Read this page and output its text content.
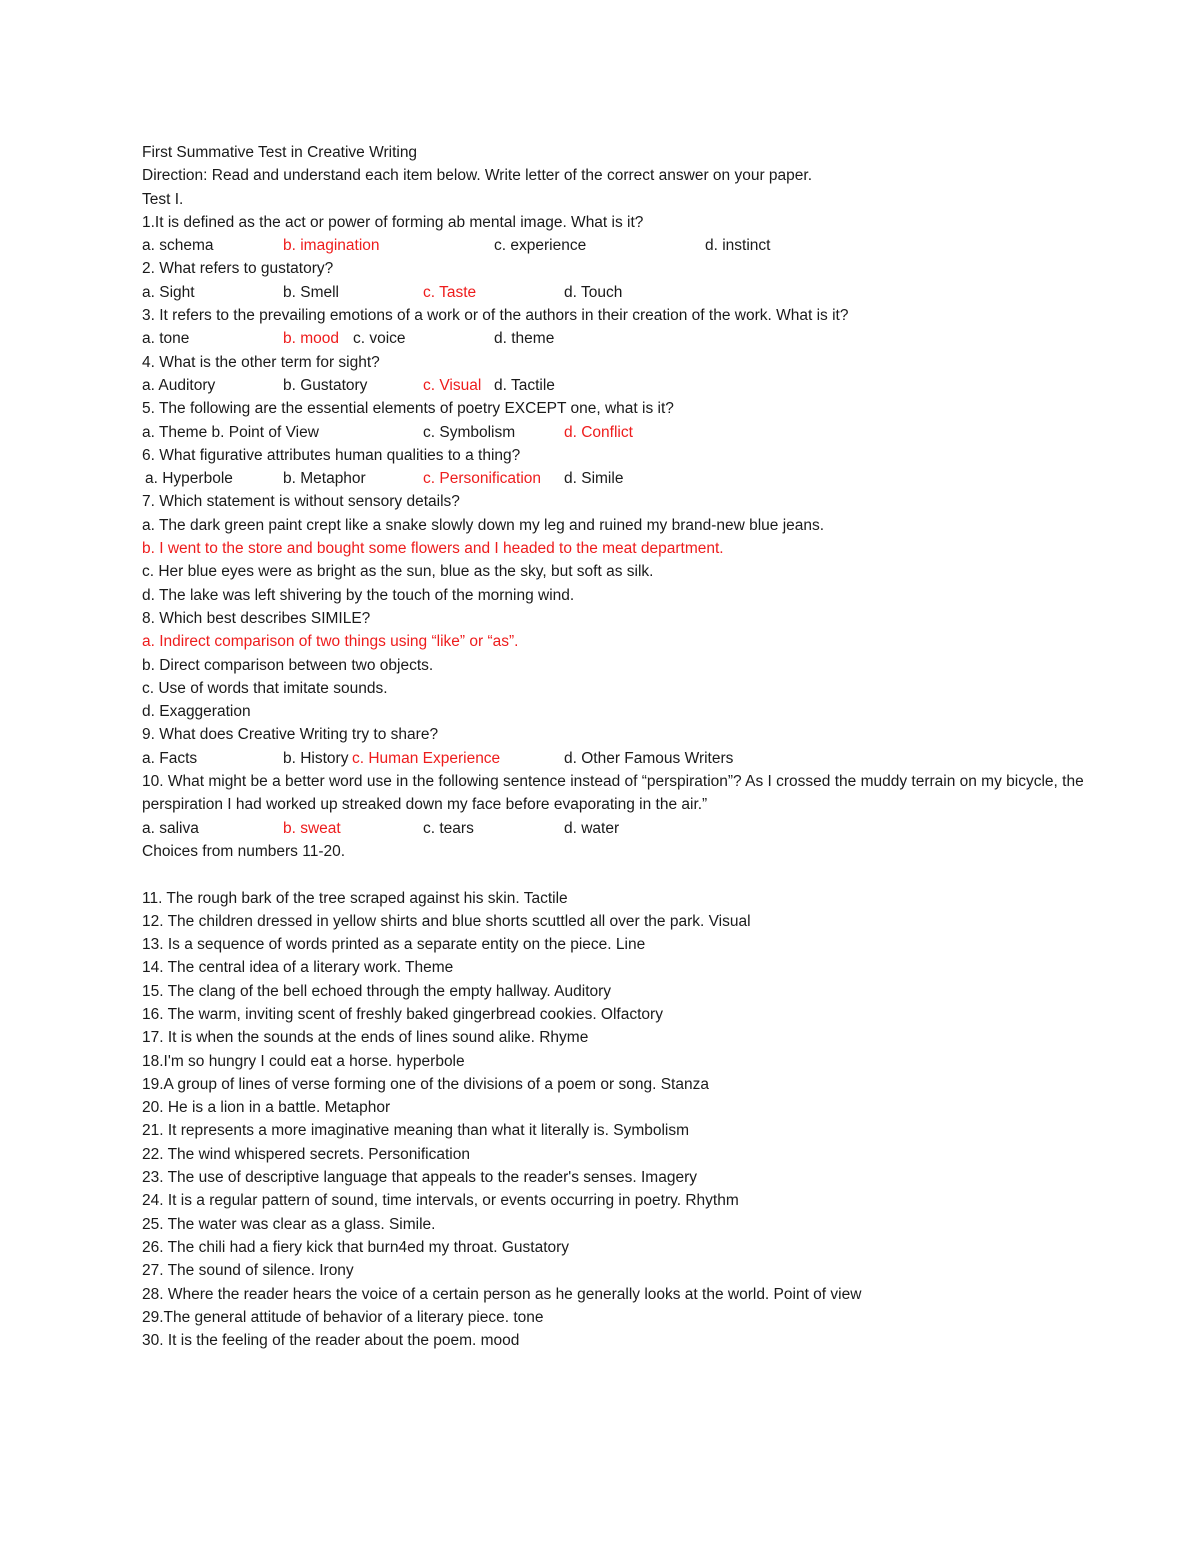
First Summative Test in Creative Writing
Direction: Read and understand each item below. Write letter of the correct answer on your paper.
Test I.
1.It is defined as the act or power of forming ab mental image. What is it?
a. schema	b. imagination	c. experience	d. instinct
2. What refers to gustatory?
a. Sight	b. Smell	c. Taste	d. Touch
3. It refers to the prevailing emotions of a work or of the authors in their creation of the work. What is it?
a. tone	b. mood c. voice	d. theme
4. What is the other term for sight?
a. Auditory	b. Gustatory	c. Visual d. Tactile
5. The following are the essential elements of poetry EXCEPT one, what is it?
a. Theme b. Point of View	c. Symbolism	d. Conflict
6. What figurative attributes human qualities to a thing?
a. Hyperbole	b. Metaphor	c. Personification d. Simile
7. Which statement is without sensory details?
a. The dark green paint crept like a snake slowly down my leg and ruined my brand-new blue jeans.
b. I went to the store and bought some flowers and I headed to the meat department.
c. Her blue eyes were as bright as the sun, blue as the sky, but soft as silk.
d. The lake was left shivering by the touch of the morning wind.
8. Which best describes SIMILE?
a. Indirect comparison of two things using “like” or “as”.
b. Direct comparison between two objects.
c. Use of words that imitate sounds.
d. Exaggeration
9. What does Creative Writing try to share?
a. Facts	b. History c. Human Experience	d. Other Famous Writers
10. What might be a better word use in the following sentence instead of “perspiration”? As I crossed the muddy terrain on my bicycle, the perspiration I had worked up streaked down my face before evaporating in the air.”
a. saliva	b. sweat	c. tears	d. water
Choices from numbers 11-20.
11. The rough bark of the tree scraped against his skin. Tactile
12. The children dressed in yellow shirts and blue shorts scuttled all over the park. Visual
13. Is a sequence of words printed as a separate entity on the piece. Line
14. The central idea of a literary work. Theme
15. The clang of the bell echoed through the empty hallway. Auditory
16. The warm, inviting scent of freshly baked gingerbread cookies. Olfactory
17. It is when the sounds at the ends of lines sound alike. Rhyme
18.I'm so hungry I could eat a horse. hyperbole
19.A group of lines of verse forming one of the divisions of a poem or song. Stanza
20. He is a lion in a battle. Metaphor
21. It represents a more imaginative meaning than what it literally is. Symbolism
22. The wind whispered secrets. Personification
23. The use of descriptive language that appeals to the reader's senses. Imagery
24. It is a regular pattern of sound, time intervals, or events occurring in poetry. Rhythm
25. The water was clear as a glass. Simile.
26. The chili had a fiery kick that burn4ed my throat. Gustatory
27. The sound of silence. Irony
28. Where the reader hears the voice of a certain person as he generally looks at the world. Point of view
29.The general attitude of behavior of a literary piece. tone
30. It is the feeling of the reader about the poem. mood
